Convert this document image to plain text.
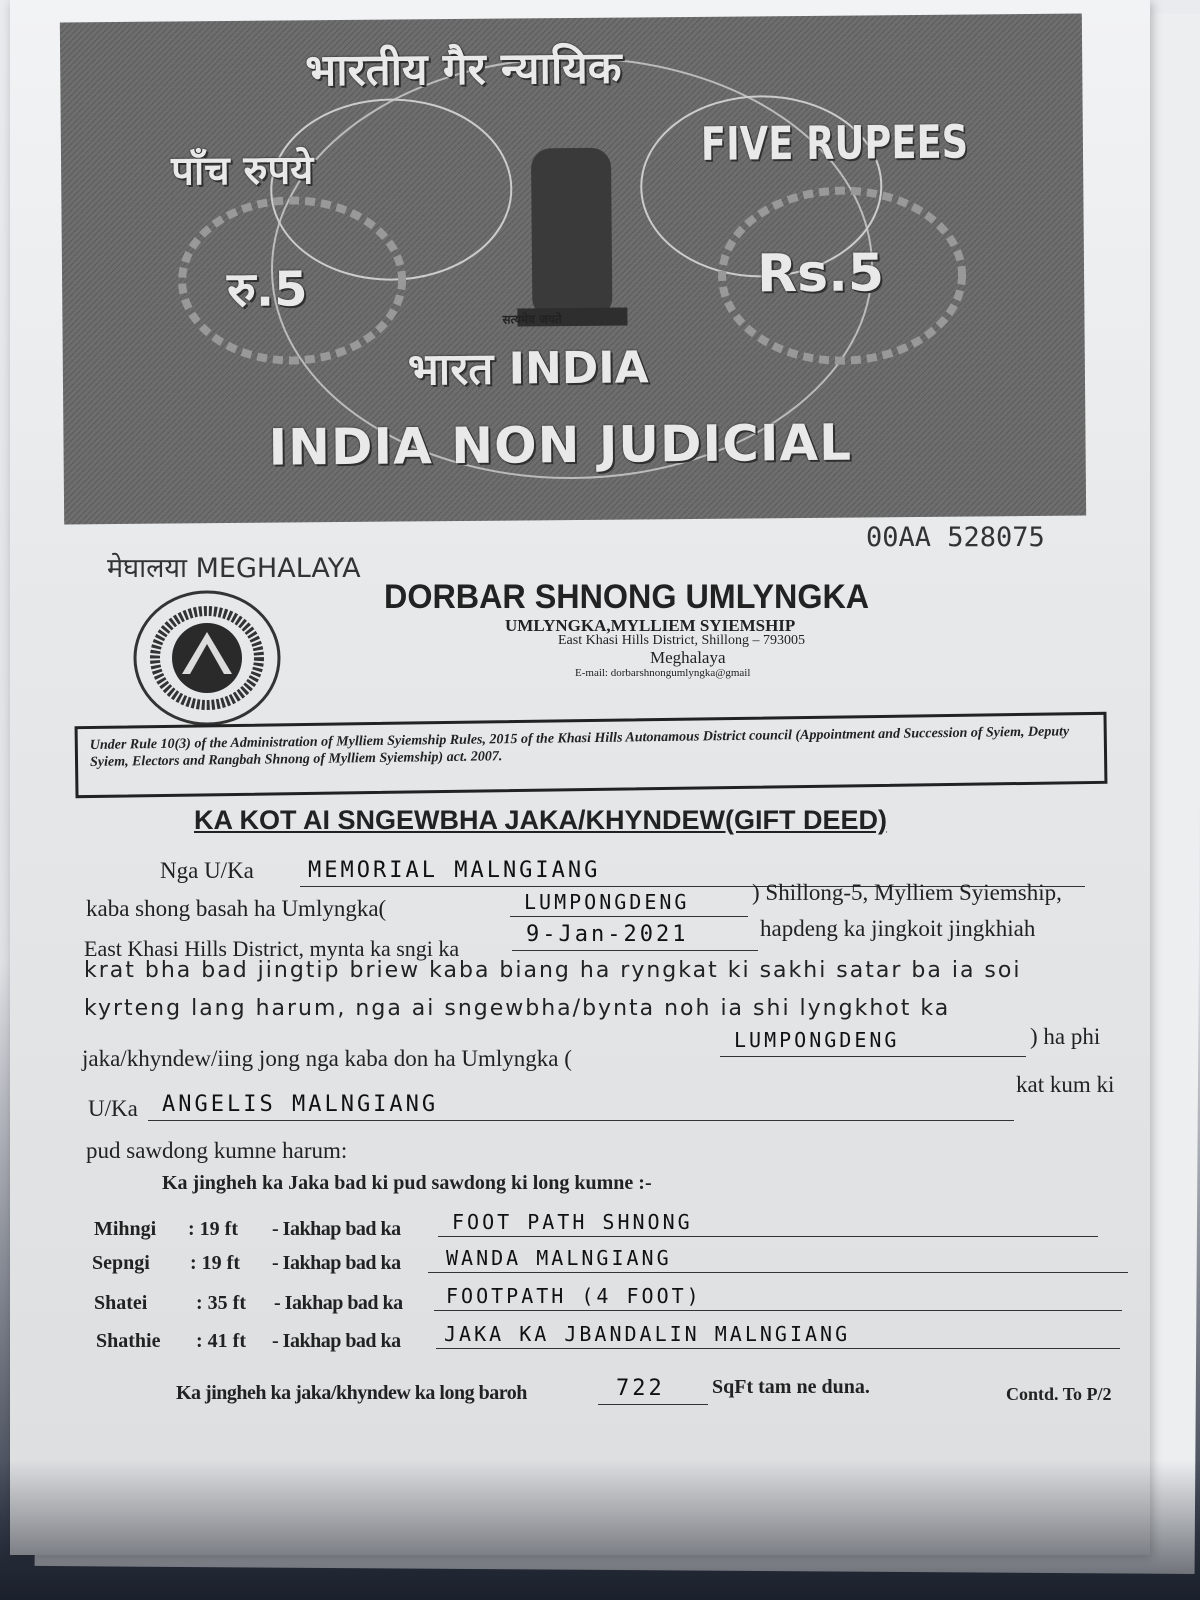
भारतीय गैर न्यायिक
पाँच रुपये
FIVE RUPEES
रु.5	Rs.5
सत्यमेव जयते
भारत INDIA
INDIA NON JUDICIAL
मेघालया MEGHALAYA
00AA 528075
DORBAR SHNONG UMLYNGKA
UMLYNGKA,MYLLIEM SYIEMSHIP
East Khasi Hills District, Shillong – 793005
Meghalaya
E-mail: dorbarshnongumlyngka@gmail

Under Rule 10(3) of the Administration of Mylliem Syiemship Rules, 2015 of the Khasi Hills Autonamous District council (Appointment and Succession of Syiem, Deputy Syiem, Electors and Rangbah Shnong of Mylliem Syiemship) act. 2007.

KA KOT AI SNGEWBHA JAKA/KHYNDEW(GIFT DEED)
Nga U/Ka MEMORIAL MALNGIANG
kaba shong basah ha Umlyngka(	LUMPONGDENG	) Shillong-5, Mylliem Syiemship,
East Khasi Hills District, mynta ka sngi ka
9-Jan-2021	hapdeng ka jingkoit jingkhiah
krat bha bad jingtip briew kaba biang ha ryngkat ki sakhi satar ba ia soi
kyrteng lang harum, nga ai sngewbha/bynta noh ia shi lyngkhot ka
jaka/khyndew/iing jong nga kaba don ha Umlyngka (
LUMPONGDENG	) ha phi
U/Ka ANGELIS MALNGIANG
kat kum ki
pud sawdong kumne harum:
Ka jingheh ka Jaka bad ki pud sawdong ki long kumne :-
Mihngi : 19 ft - Iakhap bad ka	FOOT PATH SHNONG
Sepngi : 19 ft - Iakhap bad ka WANDA MALNGIANG
Shatei : 35 ft - Iakhap bad ka FOOTPATH (4 FOOT)
Shathie : 41 ft - Iakhap bad ka JAKA KA JBANDALIN MALNGIANG
Ka jingheh ka jaka/khyndew ka long baroh	722 SqFt tam ne duna.	Contd. To P/2
